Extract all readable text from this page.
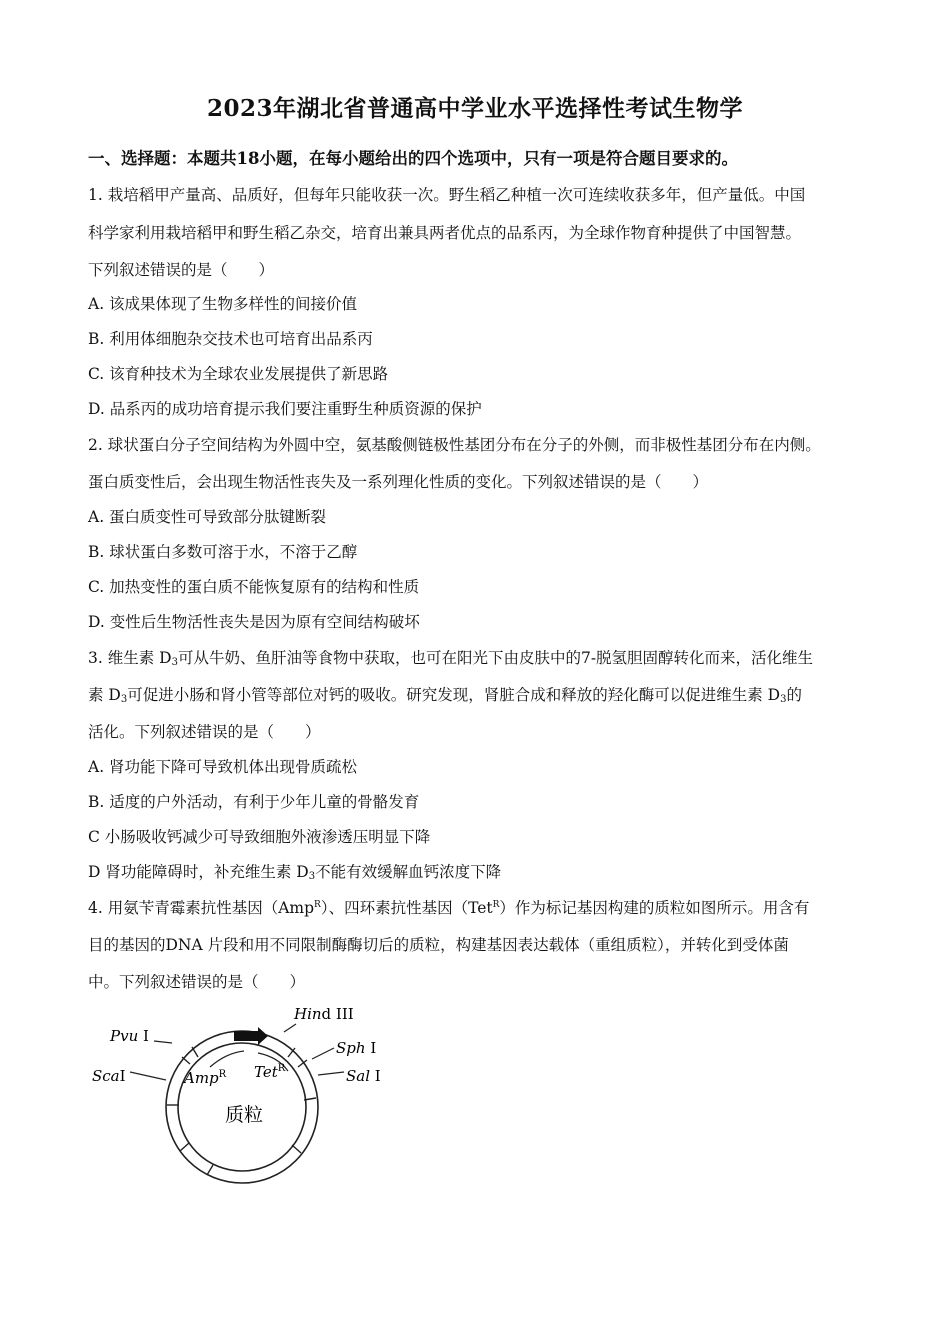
2023年湖北省普通高中学业水平选择性考试生物学
一、选择题：本题共18小题，在每小题给出的四个选项中，只有一项是符合题目要求的。
1. 栽培稻甲产量高、品质好，但每年只能收获一次。野生稻乙种植一次可连续收获多年，但产量低。中国
科学家利用栽培稻甲和野生稻乙杂交，培育出兼具两者优点的品系丙，为全球作物育种提供了中国智慧。
下列叙述错误的是（　　）
A. 该成果体现了生物多样性的间接价值
B. 利用体细胞杂交技术也可培育出品系丙
C. 该育种技术为全球农业发展提供了新思路
D. 品系丙的成功培育提示我们要注重野生种质资源的保护
2. 球状蛋白分子空间结构为外圆中空，氨基酸侧链极性基团分布在分子的外侧，而非极性基团分布在内侧。
蛋白质变性后，会出现生物活性丧失及一系列理化性质的变化。下列叙述错误的是（　　）
A. 蛋白质变性可导致部分肽键断裂
B. 球状蛋白多数可溶于水，不溶于乙醇
C. 加热变性的蛋白质不能恢复原有的结构和性质
D. 变性后生物活性丧失是因为原有空间结构破坏
3. 维生素 $D_3$可从牛奶、鱼肝油等食物中获取，也可在阳光下由皮肤中的7-脱氢胆固醇转化而来，活化维生
素 $D_3$可促进小肠和肾小管等部位对钙的吸收。研究发现，肾脏合成和释放的羟化酶可以促进维生素 $D_3$的
活化。下列叙述错误的是（　　）
A. 肾功能下降可导致机体出现骨质疏松
B. 适度的户外活动，有利于少年儿童的骨骼发育
C 小肠吸收钙减少可导致细胞外液渗透压明显下降
D 肾功能障碍时，补充维生素 $D_3$不能有效缓解血钙浓度下降
4. 用氨苄青霉素抗性基因（Amp$^R$）、四环素抗性基因（Tet$^R$）作为标记基因构建的质粒如图所示。用含有
目的基因的DNA 片段和用不同限制酶酶切后的质粒，构建基因表达载体（重组质粒），并转化到受体菌
中。下列叙述错误的是（　　）
Pvu I
ScaI
Hind III
Sph I
Sal I
Amp$^R$ Tet$^R$
质粒
